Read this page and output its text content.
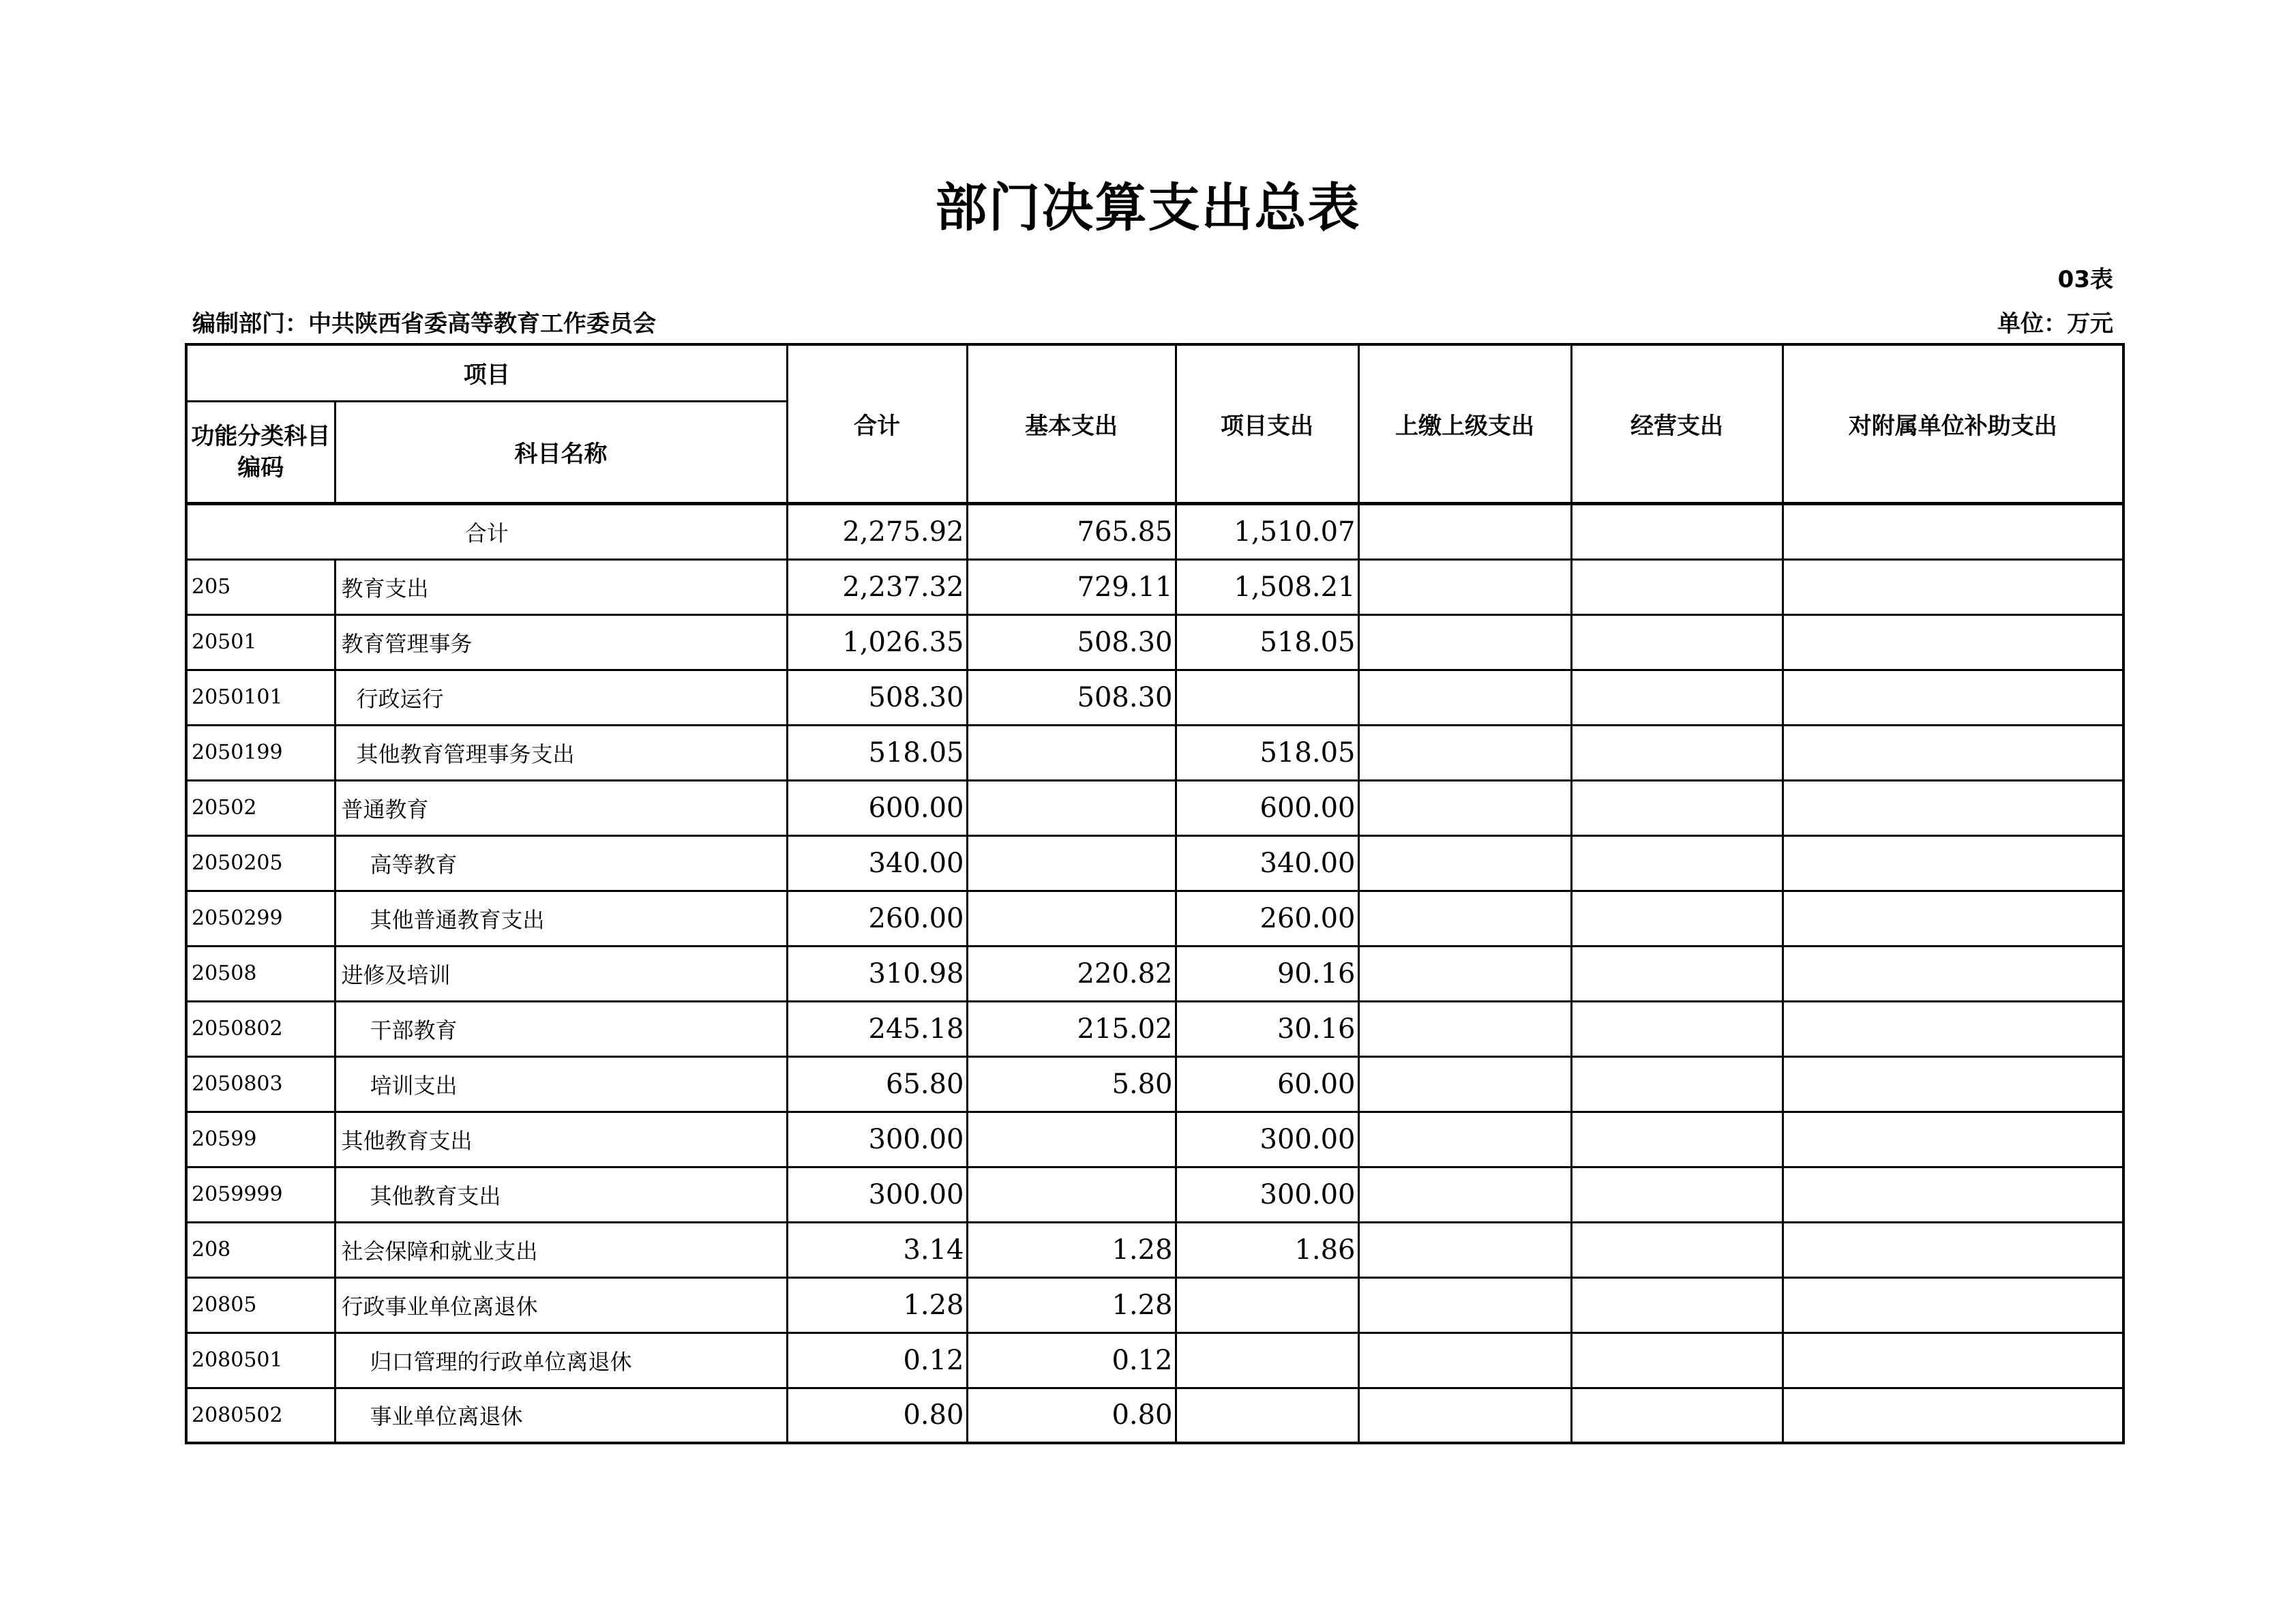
部门决算支出总表
03表
编制部门：中共陕西省委高等教育工作委员会	单位：万元
项目		合计	基本支出	项目支出	上缴上级支出	经营支出	对附属单位补助支出
功能分类科目编码	科目名称						
合计		2,275.92	765.85	1,510.07			
205	教育支出	2,237.32	729.11	1,508.21			
20501	教育管理事务	1,026.35	508.30	518.05			
2050101	行政运行	508.30	508.30				
2050199	其他教育管理事务支出	518.05		518.05			
20502	普通教育	600.00		600.00			
2050205	高等教育	340.00		340.00			
2050299	其他普通教育支出	260.00		260.00			
20508	进修及培训	310.98	220.82	90.16			
2050802	干部教育	245.18	215.02	30.16			
2050803	培训支出	65.80	5.80	60.00			
20599	其他教育支出	300.00		300.00			
2059999	其他教育支出	300.00		300.00			
208	社会保障和就业支出	3.14	1.28	1.86			
20805	行政事业单位离退休	1.28	1.28				
2080501	归口管理的行政单位离退休	0.12	0.12				
2080502	事业单位离退休	0.80	0.80				
